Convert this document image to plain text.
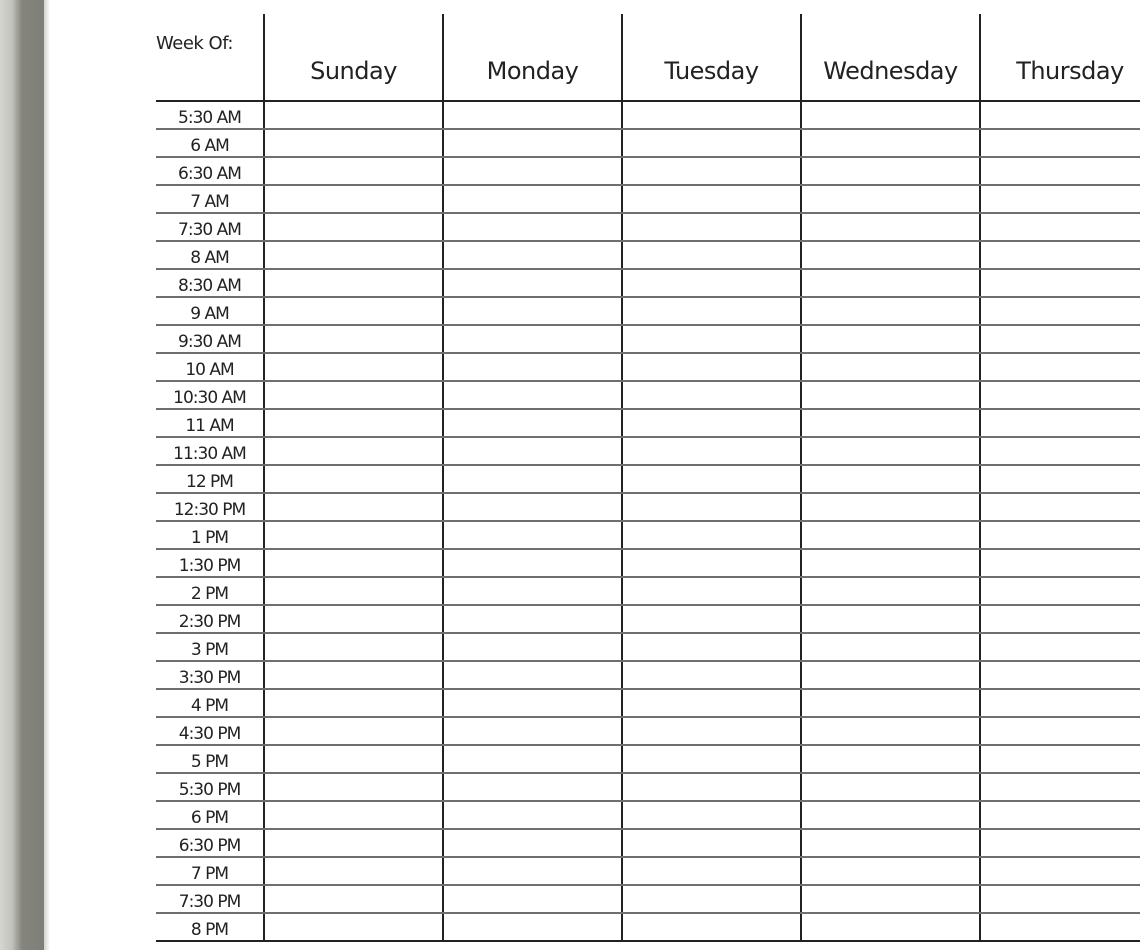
Week Of:	Sunday	Monday	Tuesday	Wednesday	Thursday
5:30 AM					
6 AM					
6:30 AM					
7 AM					
7:30 AM					
8 AM					
8:30 AM					
9 AM					
9:30 AM					
10 AM					
10:30 AM					
11 AM					
11:30 AM					
12 PM					
12:30 PM					
1 PM					
1:30 PM					
2 PM					
2:30 PM					
3 PM					
3:30 PM					
4 PM					
4:30 PM					
5 PM					
5:30 PM					
6 PM					
6:30 PM					
7 PM					
7:30 PM					
8 PM					
